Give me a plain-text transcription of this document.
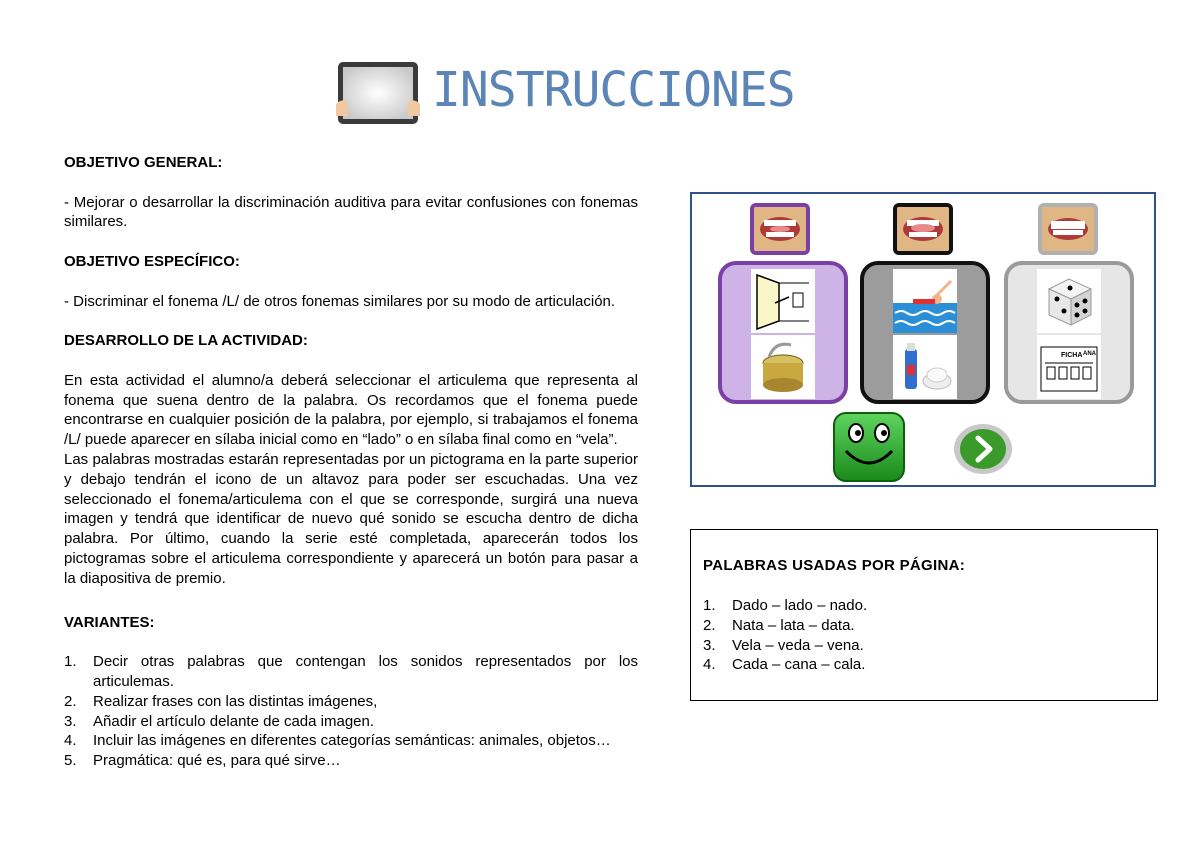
INSTRUCCIONES

OBJETIVO GENERAL:

- Mejorar o desarrollar la discriminación auditiva para evitar confusiones con fonemas similares.

OBJETIVO ESPECÍFICO:

- Discriminar el fonema /L/ de otros fonemas similares por su modo de articulación.

DESARROLLO DE LA ACTIVIDAD:

En esta actividad el alumno/a deberá seleccionar el articulema que representa al fonema que suena dentro de la palabra. Os recordamos que el fonema puede encontrarse en cualquier posición de la palabra, por ejemplo, si trabajamos el fonema /L/ puede aparecer en sílaba inicial como en “lado” o en sílaba final como en “vela”.

Las palabras mostradas estarán representadas por un pictograma en la parte superior y debajo tendrán el icono de un altavoz para poder ser escuchadas. Una vez seleccionado el fonema/articulema con el que se corresponde, surgirá una nueva imagen y tendrá que identificar de nuevo qué sonido se escucha dentro de dicha palabra. Por último, cuando la serie esté completada, aparecerán todos los pictogramas sobre el articulema correspondiente y aparecerá un botón para pasar a la diapositiva de premio.

VARIANTES:

1.	Decir otras palabras que contengan los sonidos representados por los articulemas.
2.	Realizar frases con las distintas imágenes,
3.	Añadir el artículo delante de cada imagen.
4.	Incluir las imágenes en diferentes categorías semánticas: animales, objetos…
5.	Pragmática: qué es, para qué sirve…
FICHA ANA
PALABRAS USADAS POR PÁGINA:
1.	Dado – lado – nado.
2.	Nata – lata – data.
3.	Vela – veda – vena.
4.	Cada – cana – cala.
